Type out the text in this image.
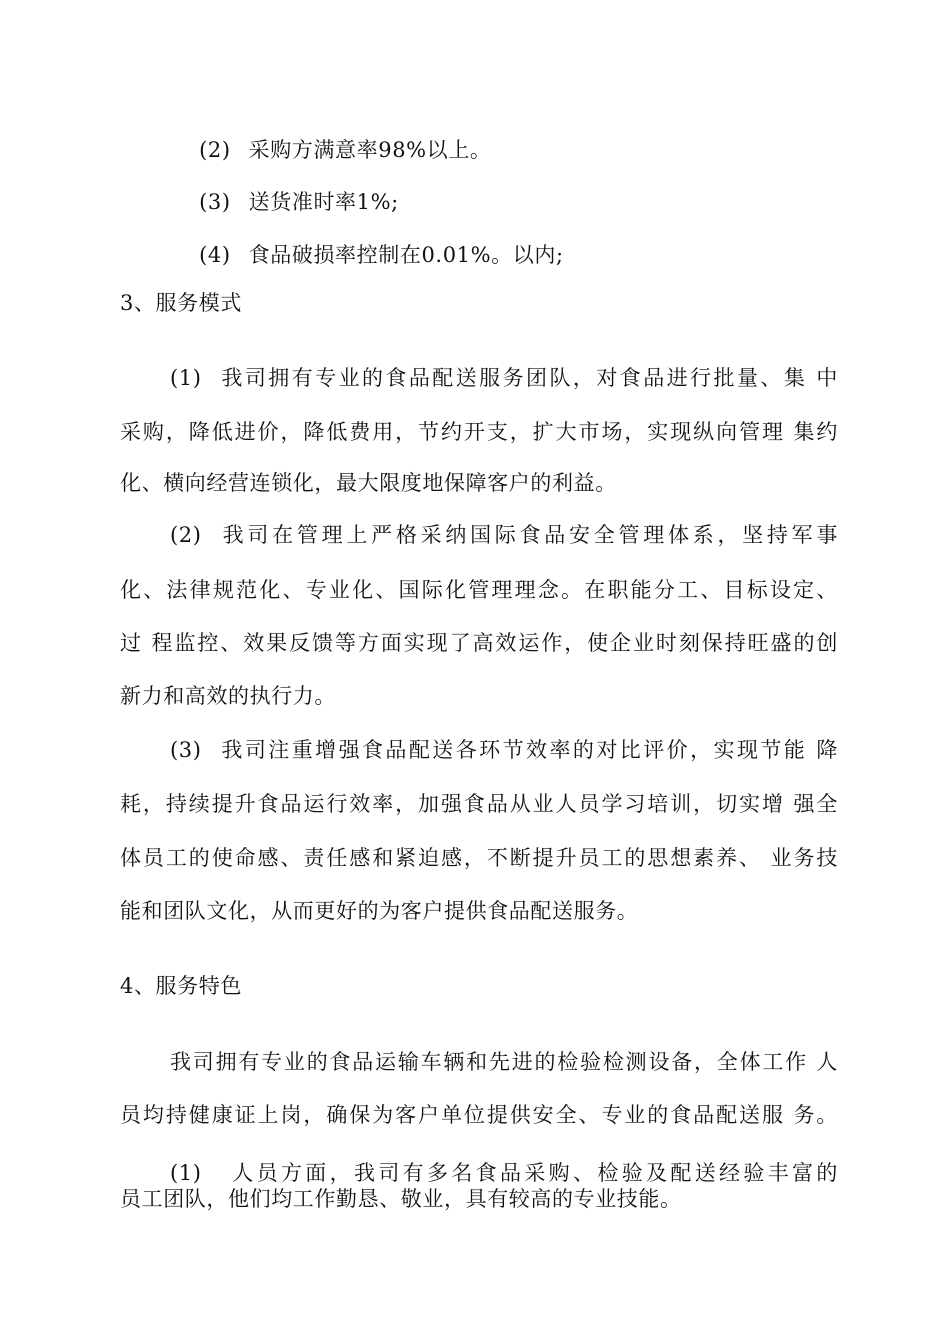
(2) 采购方满意率98%以上。

(3) 送货准时率1%;

(4) 食品破损率控制在0.01%。以内;

3、服务模式
(1) 我司拥有专业的食品配送服务团队，对食品进行批量、集 中
采购，降低进价，降低费用，节约开支，扩大市场，实现纵向管理 集约
化、横向经营连锁化，最大限度地保障客户的利益。
(2) 我司在管理上严格采纳国际食品安全管理体系，坚持军事
化、法律规范化、专业化、国际化管理理念。在职能分工、目标设定、
过 程监控、效果反馈等方面实现了高效运作，使企业时刻保持旺盛的创
新力和高效的执行力。
(3) 我司注重增强食品配送各环节效率的对比评价，实现节能 降
耗，持续提升食品运行效率，加强食品从业人员学习培训，切实增 强全
体员工的使命感、责任感和紧迫感，不断提升员工的思想素养、 业务技
能和团队文化，从而更好的为客户提供食品配送服务。
4、服务特色
我司拥有专业的食品运输车辆和先进的检验检测设备，全体工作 人
员均持健康证上岗，确保为客户单位提供安全、专业的食品配送服 务。
(1) 人员方面，我司有多名食品采购、检验及配送经验丰富的
员工团队，他们均工作勤恳、敬业，具有较高的专业技能。
